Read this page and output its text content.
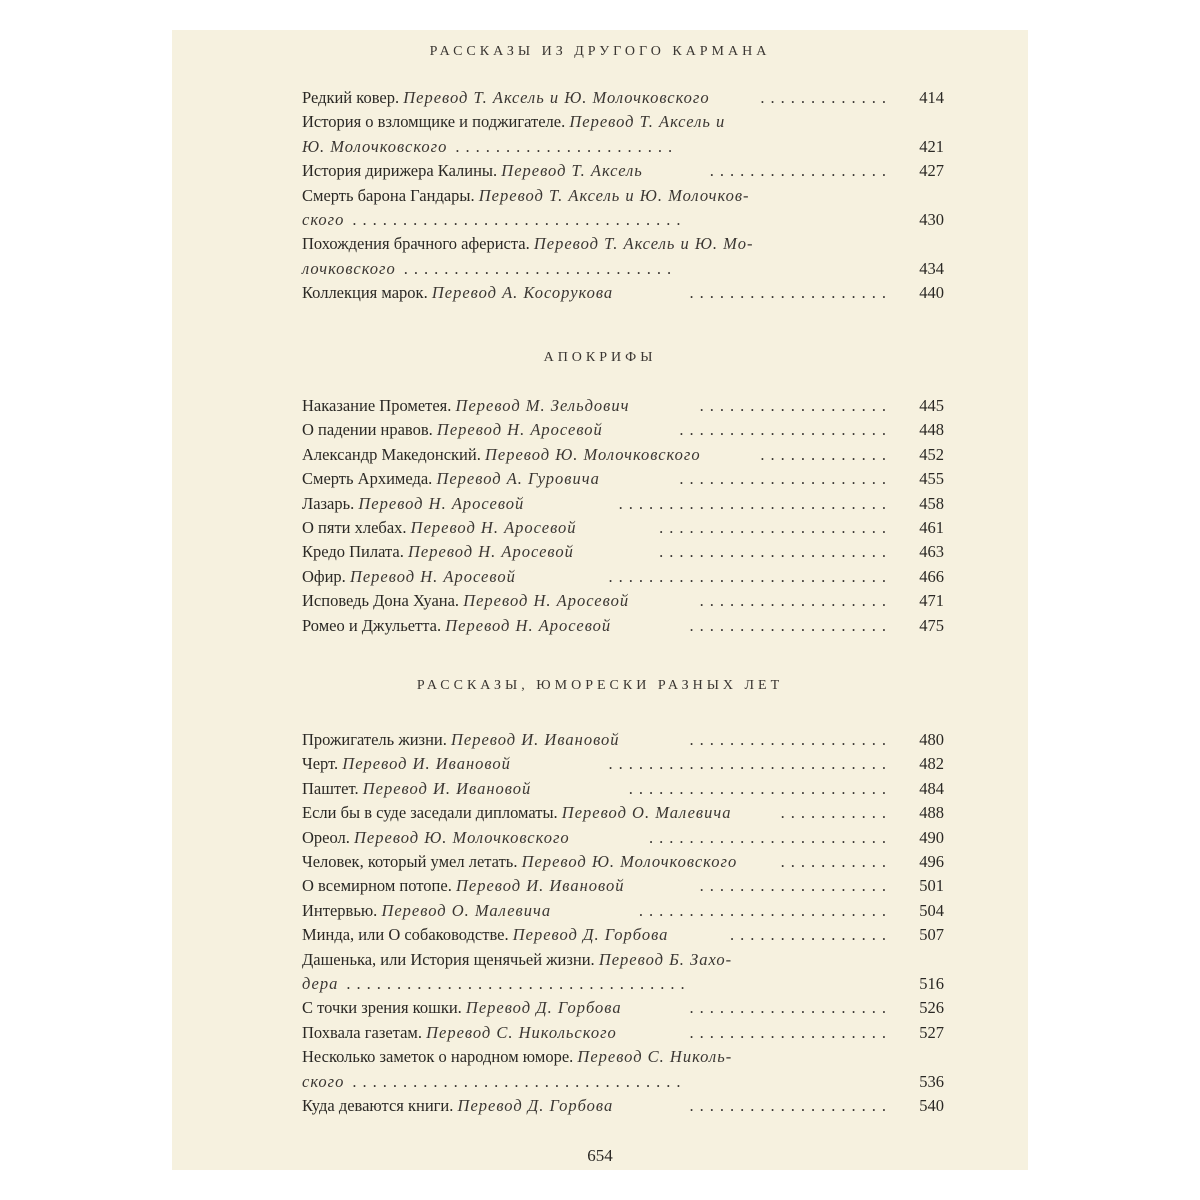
654
РАССКАЗЫ ИЗ ДРУГОГО КАРМАНА
Редкий ковер. Перевод Т. Аксель и Ю. Молочковского	414
.............
История о взломщике и поджигателе. Перевод Т. Аксель и
Ю. Молочковского ......................	421
История дирижера Калины. Перевод Т. Аксель	427
..................
Смерть барона Гандары. Перевод Т. Аксель и Ю. Молочков-
ского .................................	430
Похождения брачного афериста. Перевод Т. Аксель и Ю. Мо-
лочковского ...........................	434
Коллекция марок. Перевод А. Косорукова	440
....................
АПОКРИФЫ
Наказание Прометея. Перевод М. Зельдович	445
...................
О падении нравов. Перевод Н. Аросевой	448
.....................
Александр Македонский. Перевод Ю. Молочковского	452
.............
Смерть Архимеда. Перевод А. Гуровича	455
.....................
Лазарь. Перевод Н. Аросевой	458
...........................
О пяти хлебах. Перевод Н. Аросевой	461
.......................
Кредо Пилата. Перевод Н. Аросевой	463
.......................
Офир. Перевод Н. Аросевой	466
............................
Исповедь Дона Хуана. Перевод Н. Аросевой	471
...................
Ромео и Джульетта. Перевод Н. Аросевой	475
....................
РАССКАЗЫ, ЮМОРЕСКИ РАЗНЫХ ЛЕТ
Прожигатель жизни. Перевод И. Ивановой	480
....................
Черт. Перевод И. Ивановой	482
............................
Паштет. Перевод И. Ивановой	484
..........................
Если бы в суде заседали дипломаты. Перевод О. Малевича	488
...........
Ореол. Перевод Ю. Молочковского	490
........................
Человек, который умел летать. Перевод Ю. Молочковского	496
...........
О всемирном потопе. Перевод И. Ивановой	501
...................
Интервью. Перевод О. Малевича	504
.........................
Минда, или О собаководстве. Перевод Д. Горбова	507
................
Дашенька, или История щенячьей жизни. Перевод Б. Захо-
дера ..................................	516
С точки зрения кошки. Перевод Д. Горбова	526
....................
Похвала газетам. Перевод С. Никольского	527
....................
Несколько заметок о народном юморе. Перевод С. Николь-
ского .................................	536
Куда деваются книги. Перевод Д. Горбова	540
....................
